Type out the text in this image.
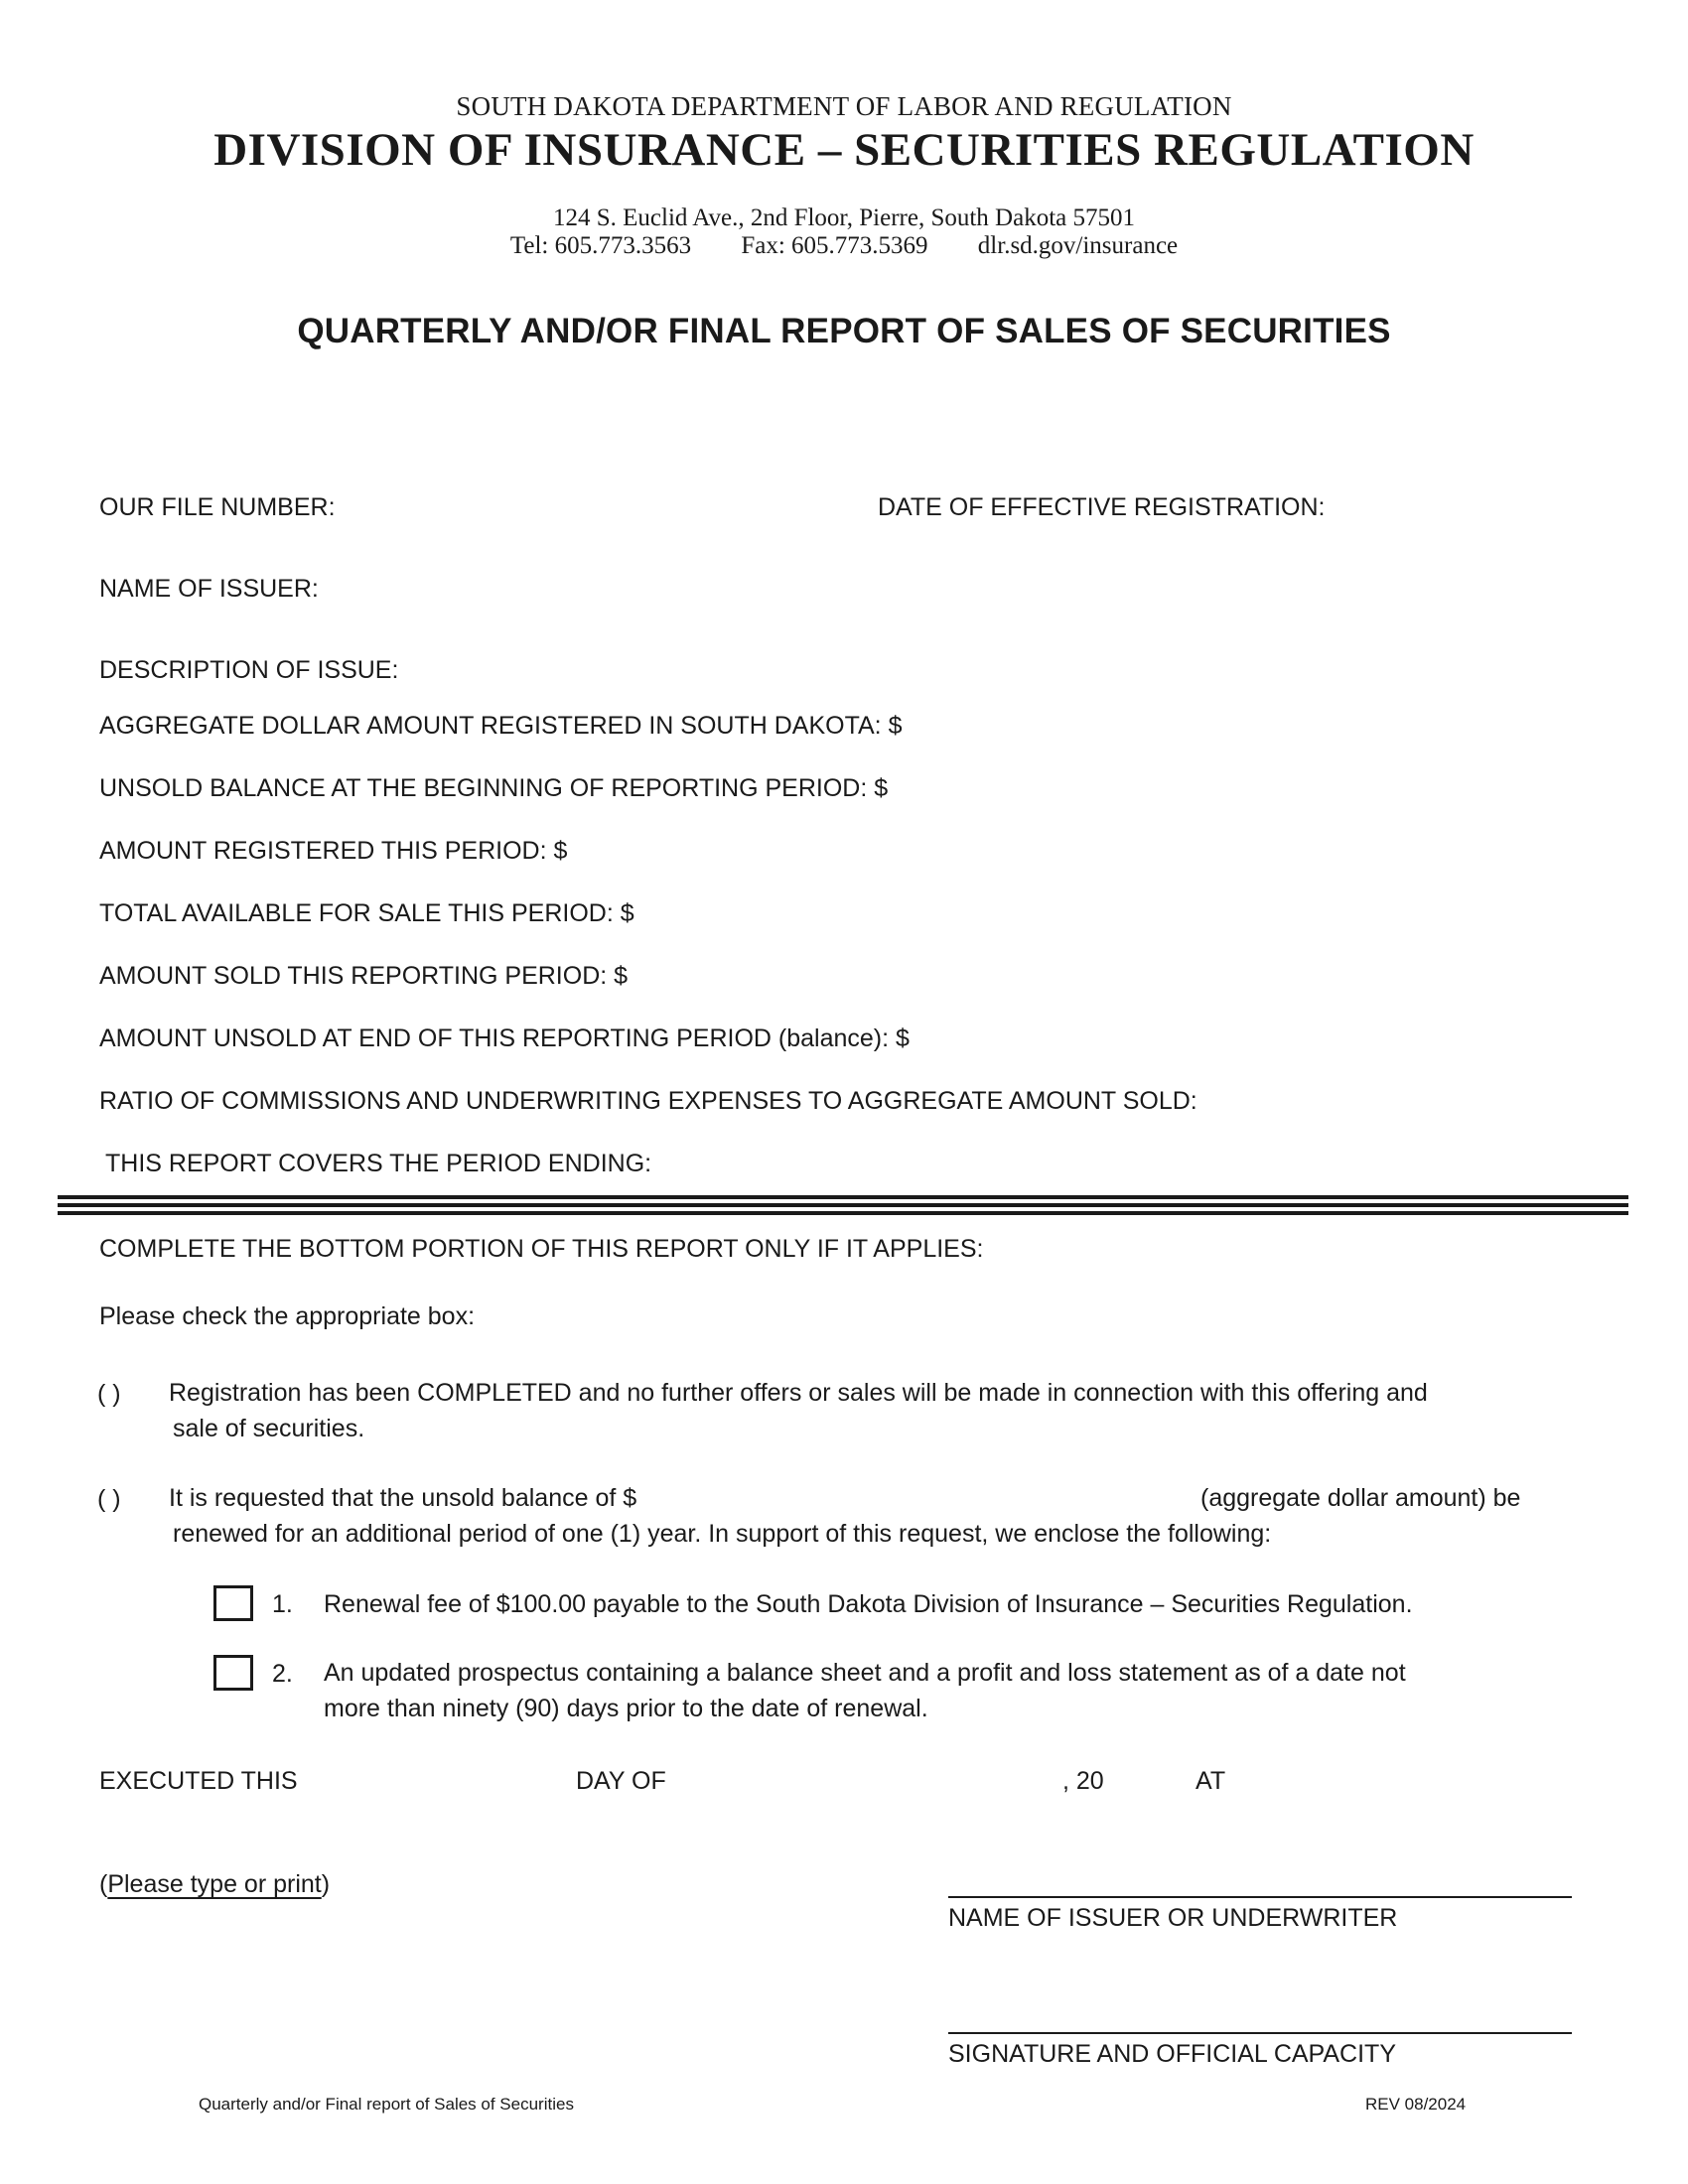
SOUTH DAKOTA DEPARTMENT OF LABOR AND REGULATION
DIVISION OF INSURANCE – SECURITIES REGULATION
124 S. Euclid Ave., 2nd Floor, Pierre, South Dakota 57501
Tel: 605.773.3563 Fax: 605.773.5369 dlr.sd.gov/insurance
QUARTERLY AND/OR FINAL REPORT OF SALES OF SECURITIES
OUR FILE NUMBER:	DATE OF EFFECTIVE REGISTRATION:
NAME OF ISSUER:
DESCRIPTION OF ISSUE:
AGGREGATE DOLLAR AMOUNT REGISTERED IN SOUTH DAKOTA: $
UNSOLD BALANCE AT THE BEGINNING OF REPORTING PERIOD: $
AMOUNT REGISTERED THIS PERIOD: $
TOTAL AVAILABLE FOR SALE THIS PERIOD: $
AMOUNT SOLD THIS REPORTING PERIOD: $
AMOUNT UNSOLD AT END OF THIS REPORTING PERIOD (balance): $
RATIO OF COMMISSIONS AND UNDERWRITING EXPENSES TO AGGREGATE AMOUNT SOLD:
THIS REPORT COVERS THE PERIOD ENDING:
COMPLETE THE BOTTOM PORTION OF THIS REPORT ONLY IF IT APPLIES:
Please check the appropriate box:
( ) Registration has been COMPLETED and no further offers or sales will be made in connection with this offering and
sale of securities.
( ) It is requested that the unsold balance of $	(aggregate dollar amount) be
renewed for an additional period of one (1) year. In support of this request, we enclose the following:
1. Renewal fee of $100.00 payable to the South Dakota Division of Insurance – Securities Regulation.
2. An updated prospectus containing a balance sheet and a profit and loss statement as of a date not
more than ninety (90) days prior to the date of renewal.
EXECUTED THIS	DAY OF	, 20	AT
(Please type or print)
NAME OF ISSUER OR UNDERWRITER
SIGNATURE AND OFFICIAL CAPACITY
Quarterly and/or Final report of Sales of Securities	REV 08/2024
